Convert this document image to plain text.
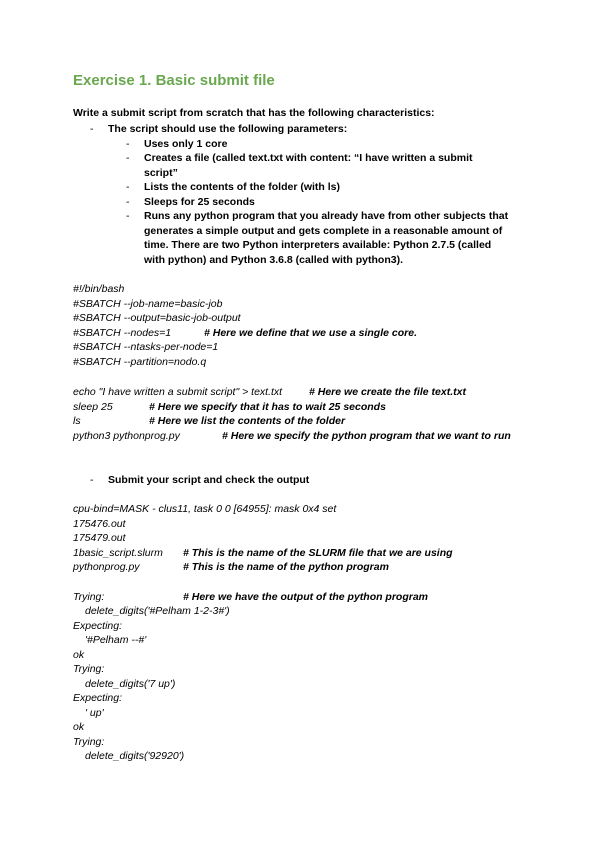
Exercise 1. Basic submit file
Write a submit script from scratch that has the following characteristics:
- The script should use the following parameters:
- Uses only 1 core
- Creates a file (called text.txt with content: “I have written a submit script”
- Lists the contents of the folder (with ls)
- Sleeps for 25 seconds
- Runs any python program that you already have from other subjects that generates a simple output and gets complete in a reasonable amount of time. There are two Python interpreters available: Python 2.7.5 (called with python) and Python 3.6.8 (called with python3).
#!/bin/bash
#SBATCH --job-name=basic-job
#SBATCH --output=basic-job-output
#SBATCH --nodes=1	# Here we define that we use a single core.
#SBATCH --ntasks-per-node=1
#SBATCH --partition=nodo.q
echo "I have written a submit script" > text.txt	# Here we create the file text.txt
sleep 25	# Here we specify that it has to wait 25 seconds
ls	# Here we list the contents of the folder
python3 pythonprog.py	# Here we specify the python program that we want to run
- Submit your script and check the output
cpu-bind=MASK - clus11, task 0 0 [64955]: mask 0x4 set
175476.out
175479.out
1basic_script.slurm # This is the name of the SLURM file that we are using
pythonprog.py	# This is the name of the python program
Trying:	# Here we have the output of the python program
delete_digits('#Pelham 1-2-3#')
Expecting:
'#Pelham --#'
ok
Trying:
delete_digits('7 up')
Expecting:
' up'
ok
Trying:
delete_digits('92920')
